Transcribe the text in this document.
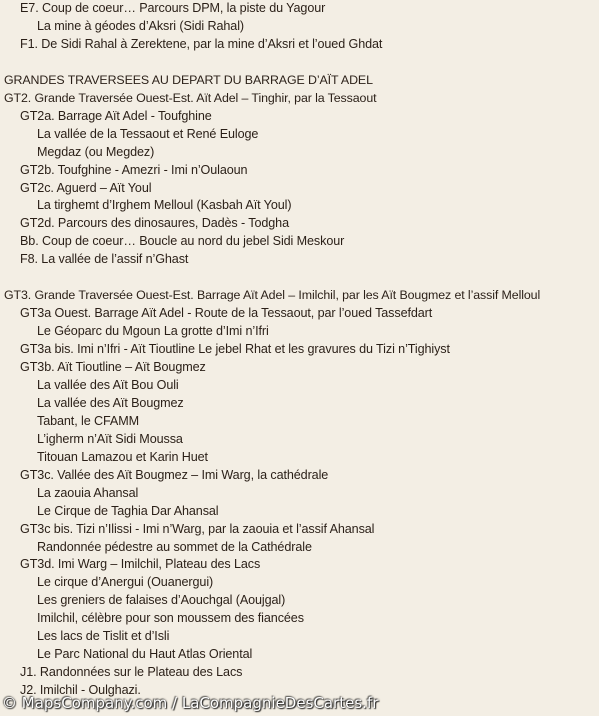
E7. Coup de coeur… Parcours DPM, la piste du Yagour
La mine à géodes d’Aksri (Sidi Rahal)
F1. De Sidi Rahal à Zerektene, par la mine d’Aksri et l’oued Ghdat
GRANDES TRAVERSEES AU DEPART DU BARRAGE D’AÏT ADEL
GT2. Grande Traversée Ouest-Est. Aït Adel – Tinghir, par la Tessaout
GT2a. Barrage Aït Adel - Toufghine
La vallée de la Tessaout et René Euloge
Megdaz (ou Megdez)
GT2b. Toufghine - Amezri - Imi n’Oulaoun
GT2c. Aguerd – Aït Youl
La tirghemt d’Irghem Melloul (Kasbah Aït Youl)
GT2d. Parcours des dinosaures, Dadès - Todgha
Bb. Coup de coeur… Boucle au nord du jebel Sidi Meskour
F8. La vallée de l’assif n’Ghast
GT3. Grande Traversée Ouest-Est. Barrage Aït Adel – Imilchil, par les Aït Bougmez et l’assif Melloul
GT3a Ouest. Barrage Aït Adel - Route de la Tessaout, par l’oued Tassefdart
Le Géoparc du Mgoun La grotte d’Imi n’Ifri
GT3a bis. Imi n’Ifri - Aït Tioutline Le jebel Rhat et les gravures du Tizi n’Tighiyst
GT3b. Aït Tioutline – Aït Bougmez
La vallée des Aït Bou Ouli
La vallée des Aït Bougmez
Tabant, le CFAMM
L’igherm n’Aït Sidi Moussa
Titouan Lamazou et Karin Huet
GT3c. Vallée des Aït Bougmez – Imi Warg, la cathédrale
La zaouia Ahansal
Le Cirque de Taghia Dar Ahansal
GT3c bis. Tizi n’Ilissi - Imi n’Warg, par la zaouia et l’assif Ahansal
Randonnée pédestre au sommet de la Cathédrale
GT3d. Imi Warg – Imilchil, Plateau des Lacs
Le cirque d’Anergui (Ouanergui)
Les greniers de falaises d’Aouchgal (Aoujgal)
Imilchil, célèbre pour son moussem des fiancées
Les lacs de Tislit et d’Isli
Le Parc National du Haut Atlas Oriental
J1. Randonnées sur le Plateau des Lacs
J2. Imilchil - Oulghazi.
© MapsCompany.com / LaCompagnieDesCartes.fr
